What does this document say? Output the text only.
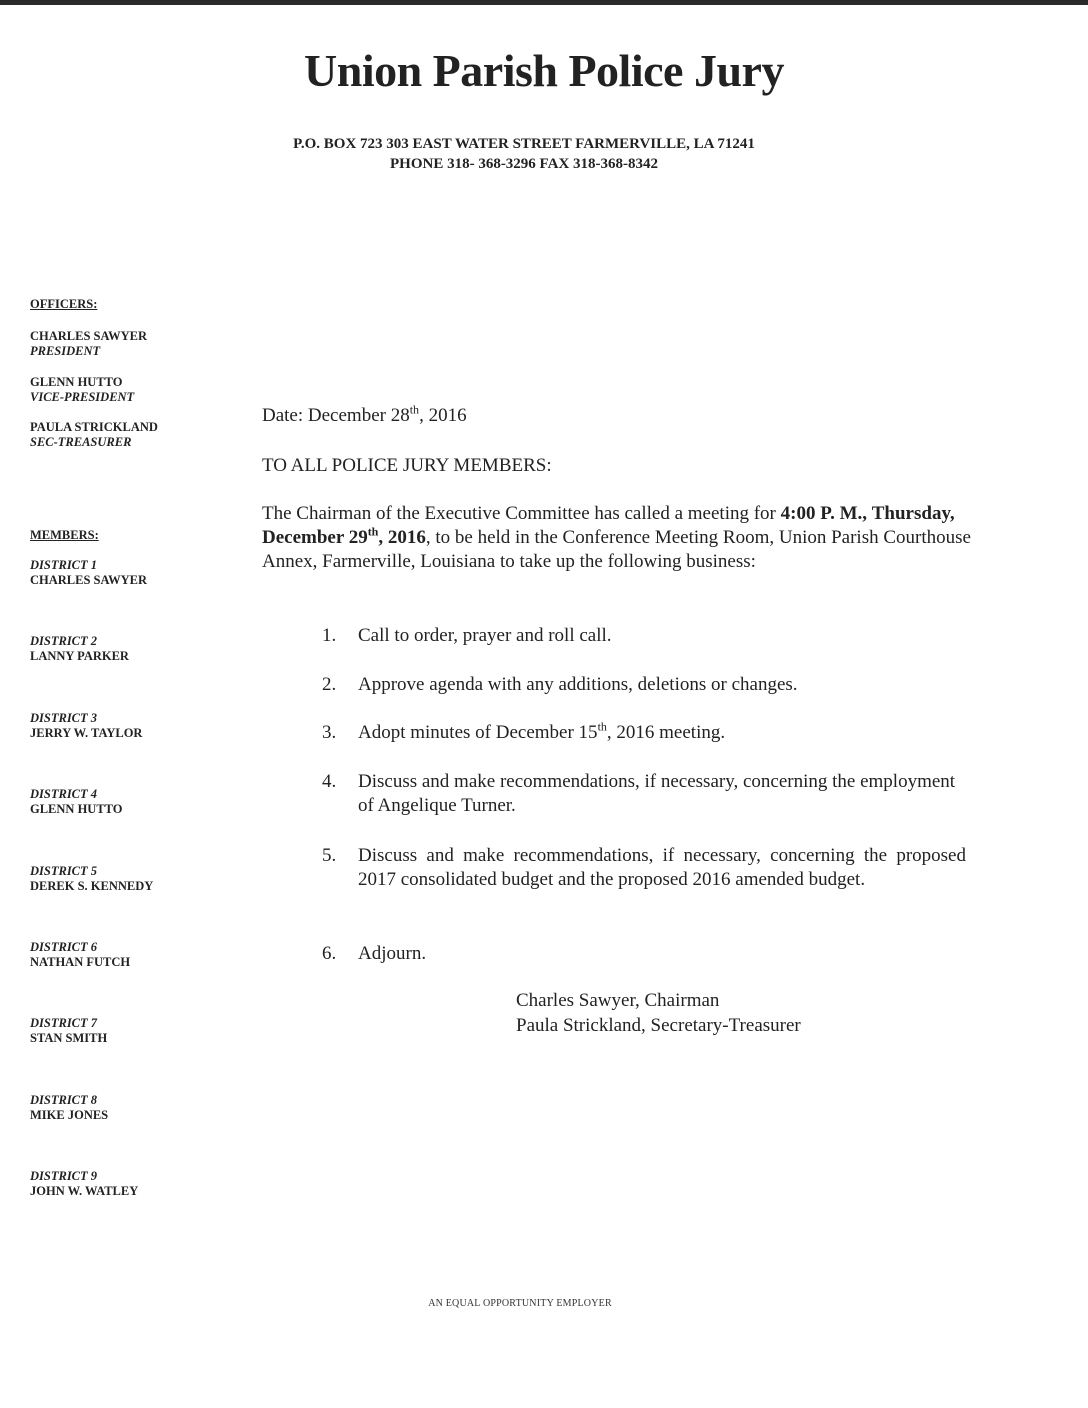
Union Parish Police Jury
P.O. BOX 723 303 EAST WATER STREET FARMERVILLE, LA 71241
PHONE 318- 368-3296 FAX 318-368-8342
OFFICERS:
CHARLES SAWYER
PRESIDENT
GLENN HUTTO
VICE-PRESIDENT
PAULA STRICKLAND
SEC-TREASURER
MEMBERS:
DISTRICT 1
CHARLES SAWYER
DISTRICT 2
LANNY PARKER
DISTRICT 3
JERRY W. TAYLOR
DISTRICT 4
GLENN HUTTO
DISTRICT 5
DEREK S. KENNEDY
DISTRICT 6
NATHAN FUTCH
DISTRICT 7
STAN SMITH
DISTRICT 8
MIKE JONES
DISTRICT 9
JOHN W. WATLEY
Date: December 28th, 2016
TO ALL POLICE JURY MEMBERS:
The Chairman of the Executive Committee has called a meeting for 4:00 P. M., Thursday, December 29th, 2016, to be held in the Conference Meeting Room, Union Parish Courthouse Annex, Farmerville, Louisiana to take up the following business:
1.	Call to order, prayer and roll call.
2.	Approve agenda with any additions, deletions or changes.
3.	Adopt minutes of December 15th, 2016 meeting.
4.	Discuss and make recommendations, if necessary, concerning the employment of Angelique Turner.
5.	Discuss and make recommendations, if necessary, concerning the proposed 2017 consolidated budget and the proposed 2016 amended budget.
6.	Adjourn.
Charles Sawyer, Chairman
Paula Strickland, Secretary-Treasurer
AN EQUAL OPPORTUNITY EMPLOYER
